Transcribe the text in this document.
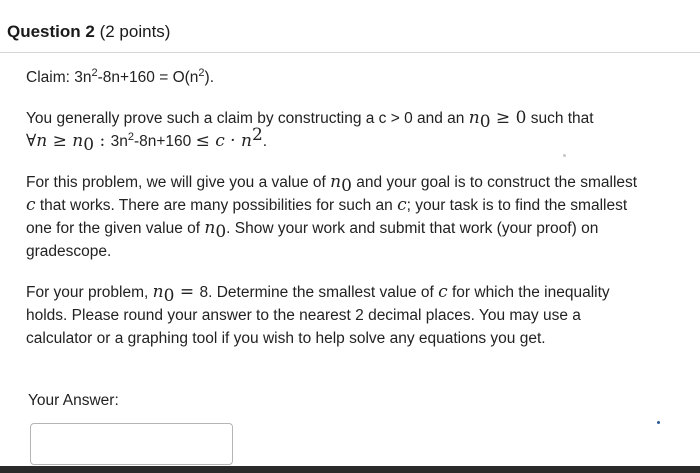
Question 2 (2 points)

Claim: $3n^2-8n+160 = O(n^2)$.

You generally prove such a claim by constructing a c > 0 and an $n_0 \ge 0$ such that
∀n ≥ $n_0$ : $3n^2-8n+160 \le c \cdot n^2$.

For this problem, we will give you a value of $n_0$ and your goal is to construct the smallest c that works. There are many possibilities for such an c; your task is to find the smallest one for the given value of $n_0$. Show your work and submit that work (your proof) on gradescope.

For your problem, $n_0 = 8$. Determine the smallest value of c for which the inequality holds. Please round your answer to the nearest 2 decimal places. You may use a calculator or a graphing tool if you wish to help solve any equations you get.

Your Answer:
